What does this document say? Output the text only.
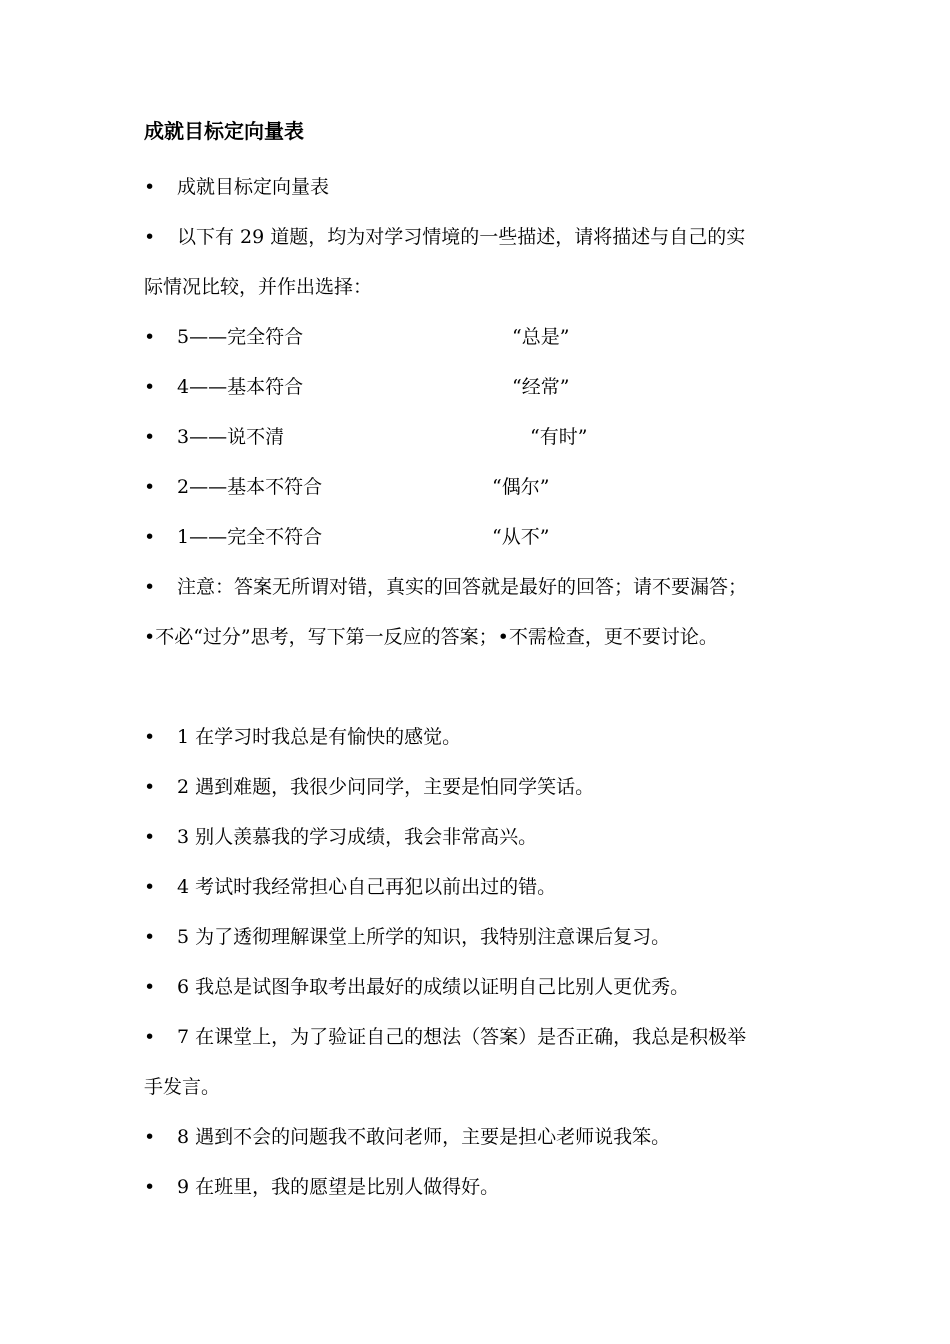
成就目标定向量表
• 成就目标定向量表
• 以下有 29 道题，均为对学习情境的一些描述，请将描述与自己的实
际情况比较，并作出选择：
• 5——完全符合	“总是”
• 4——基本符合	“经常”
• 3——说不清	“有时”
• 2——基本不符合	“偶尔”
• 1——完全不符合	“从不”
• 注意：答案无所谓对错，真实的回答就是最好的回答；请不要漏答；
•不必“过分”思考，写下第一反应的答案；•不需检查，更不要讨论。
• 1 在学习时我总是有愉快的感觉。
• 2 遇到难题，我很少问同学，主要是怕同学笑话。
• 3 别人羡慕我的学习成绩，我会非常高兴。
• 4 考试时我经常担心自己再犯以前出过的错。
• 5 为了透彻理解课堂上所学的知识，我特别注意课后复习。
• 6 我总是试图争取考出最好的成绩以证明自己比别人更优秀。
• 7 在课堂上，为了验证自己的想法（答案）是否正确，我总是积极举
手发言。
• 8 遇到不会的问题我不敢问老师，主要是担心老师说我笨。
• 9 在班里，我的愿望是比别人做得好。
